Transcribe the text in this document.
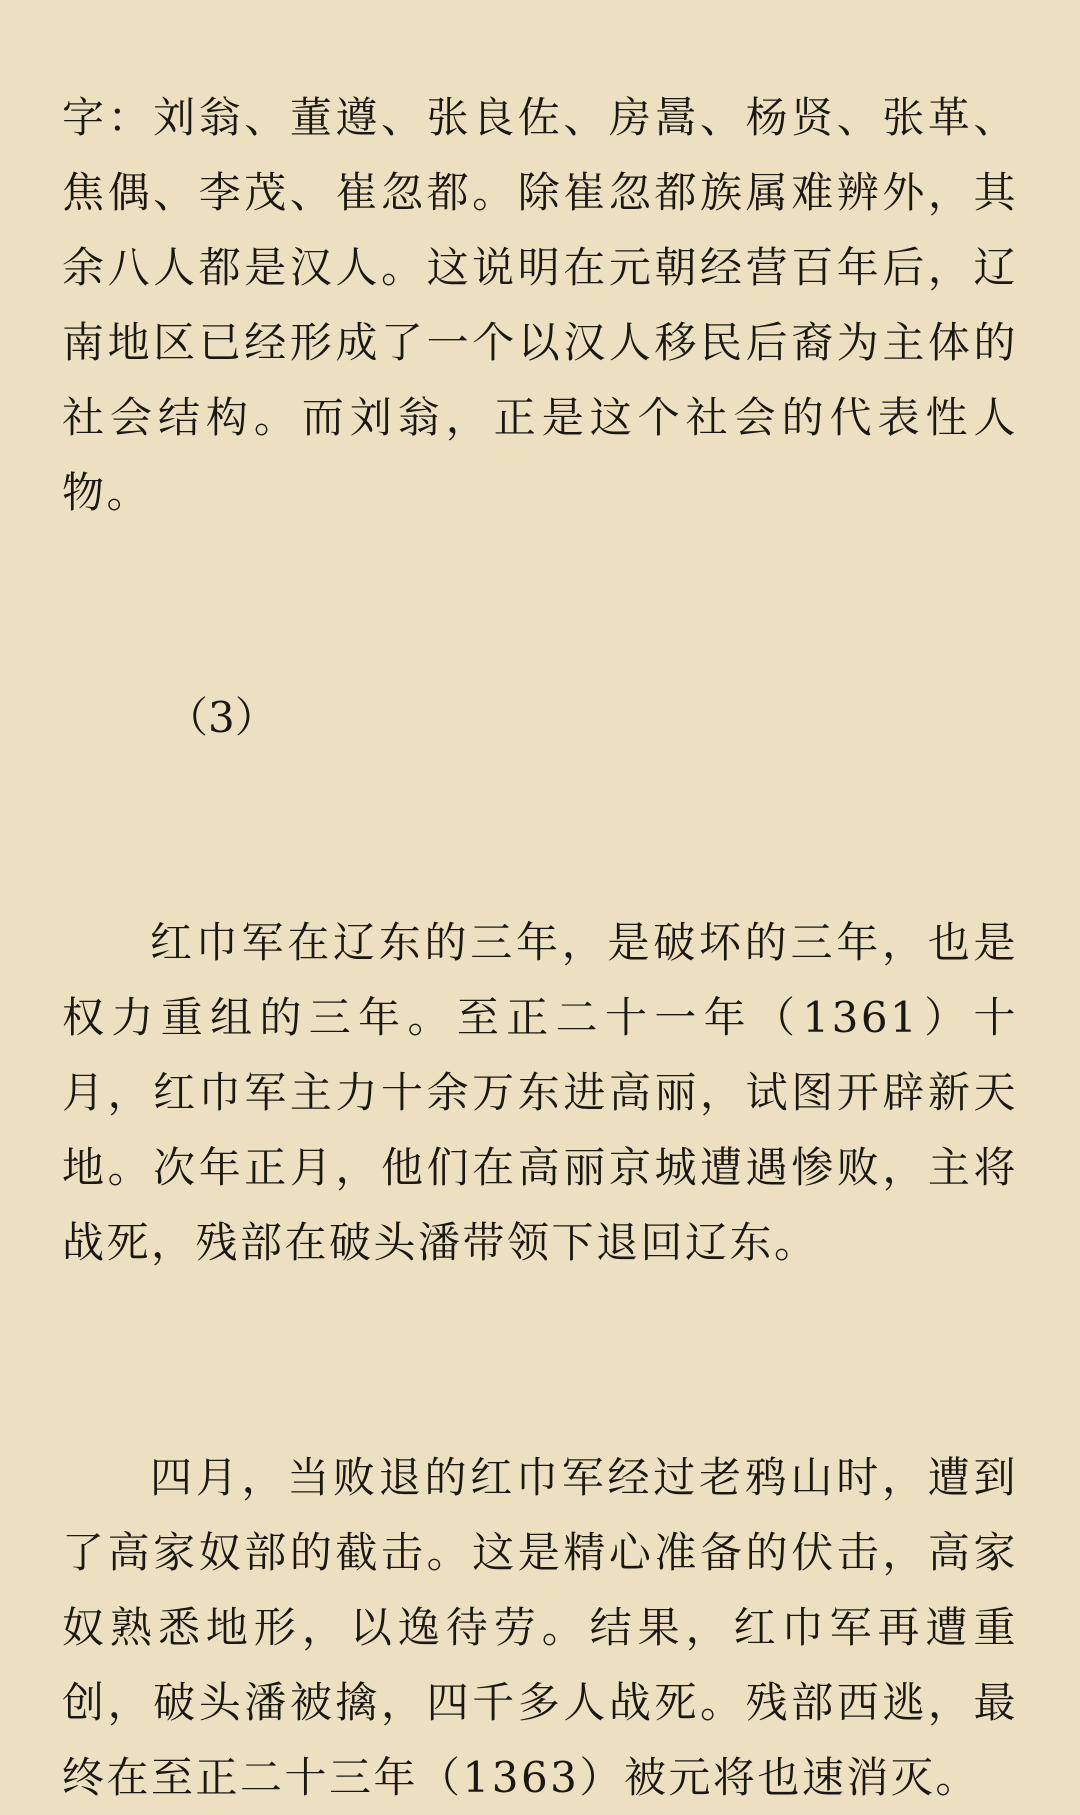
字：刘翁、董遵、张良佐、房暠、杨贤、张革、焦偶、李茂、崔忽都。除崔忽都族属难辨外，其余八人都是汉人。这说明在元朝经营百年后，辽南地区已经形成了一个以汉人移民后裔为主体的社会结构。而刘翁，正是这个社会的代表性人物。

（3）

红巾军在辽东的三年，是破坏的三年，也是权力重组的三年。至正二十一年（1361）十月，红巾军主力十余万东进高丽，试图开辟新天地。次年正月，他们在高丽京城遭遇惨败，主将战死，残部在破头潘带领下退回辽东。

四月，当败退的红巾军经过老鸦山时，遭到了高家奴部的截击。这是精心准备的伏击，高家奴熟悉地形，以逸待劳。结果，红巾军再遭重创，破头潘被擒，四千多人战死。残部西逃，最终在至正二十三年（1363）被元将也速消灭。
